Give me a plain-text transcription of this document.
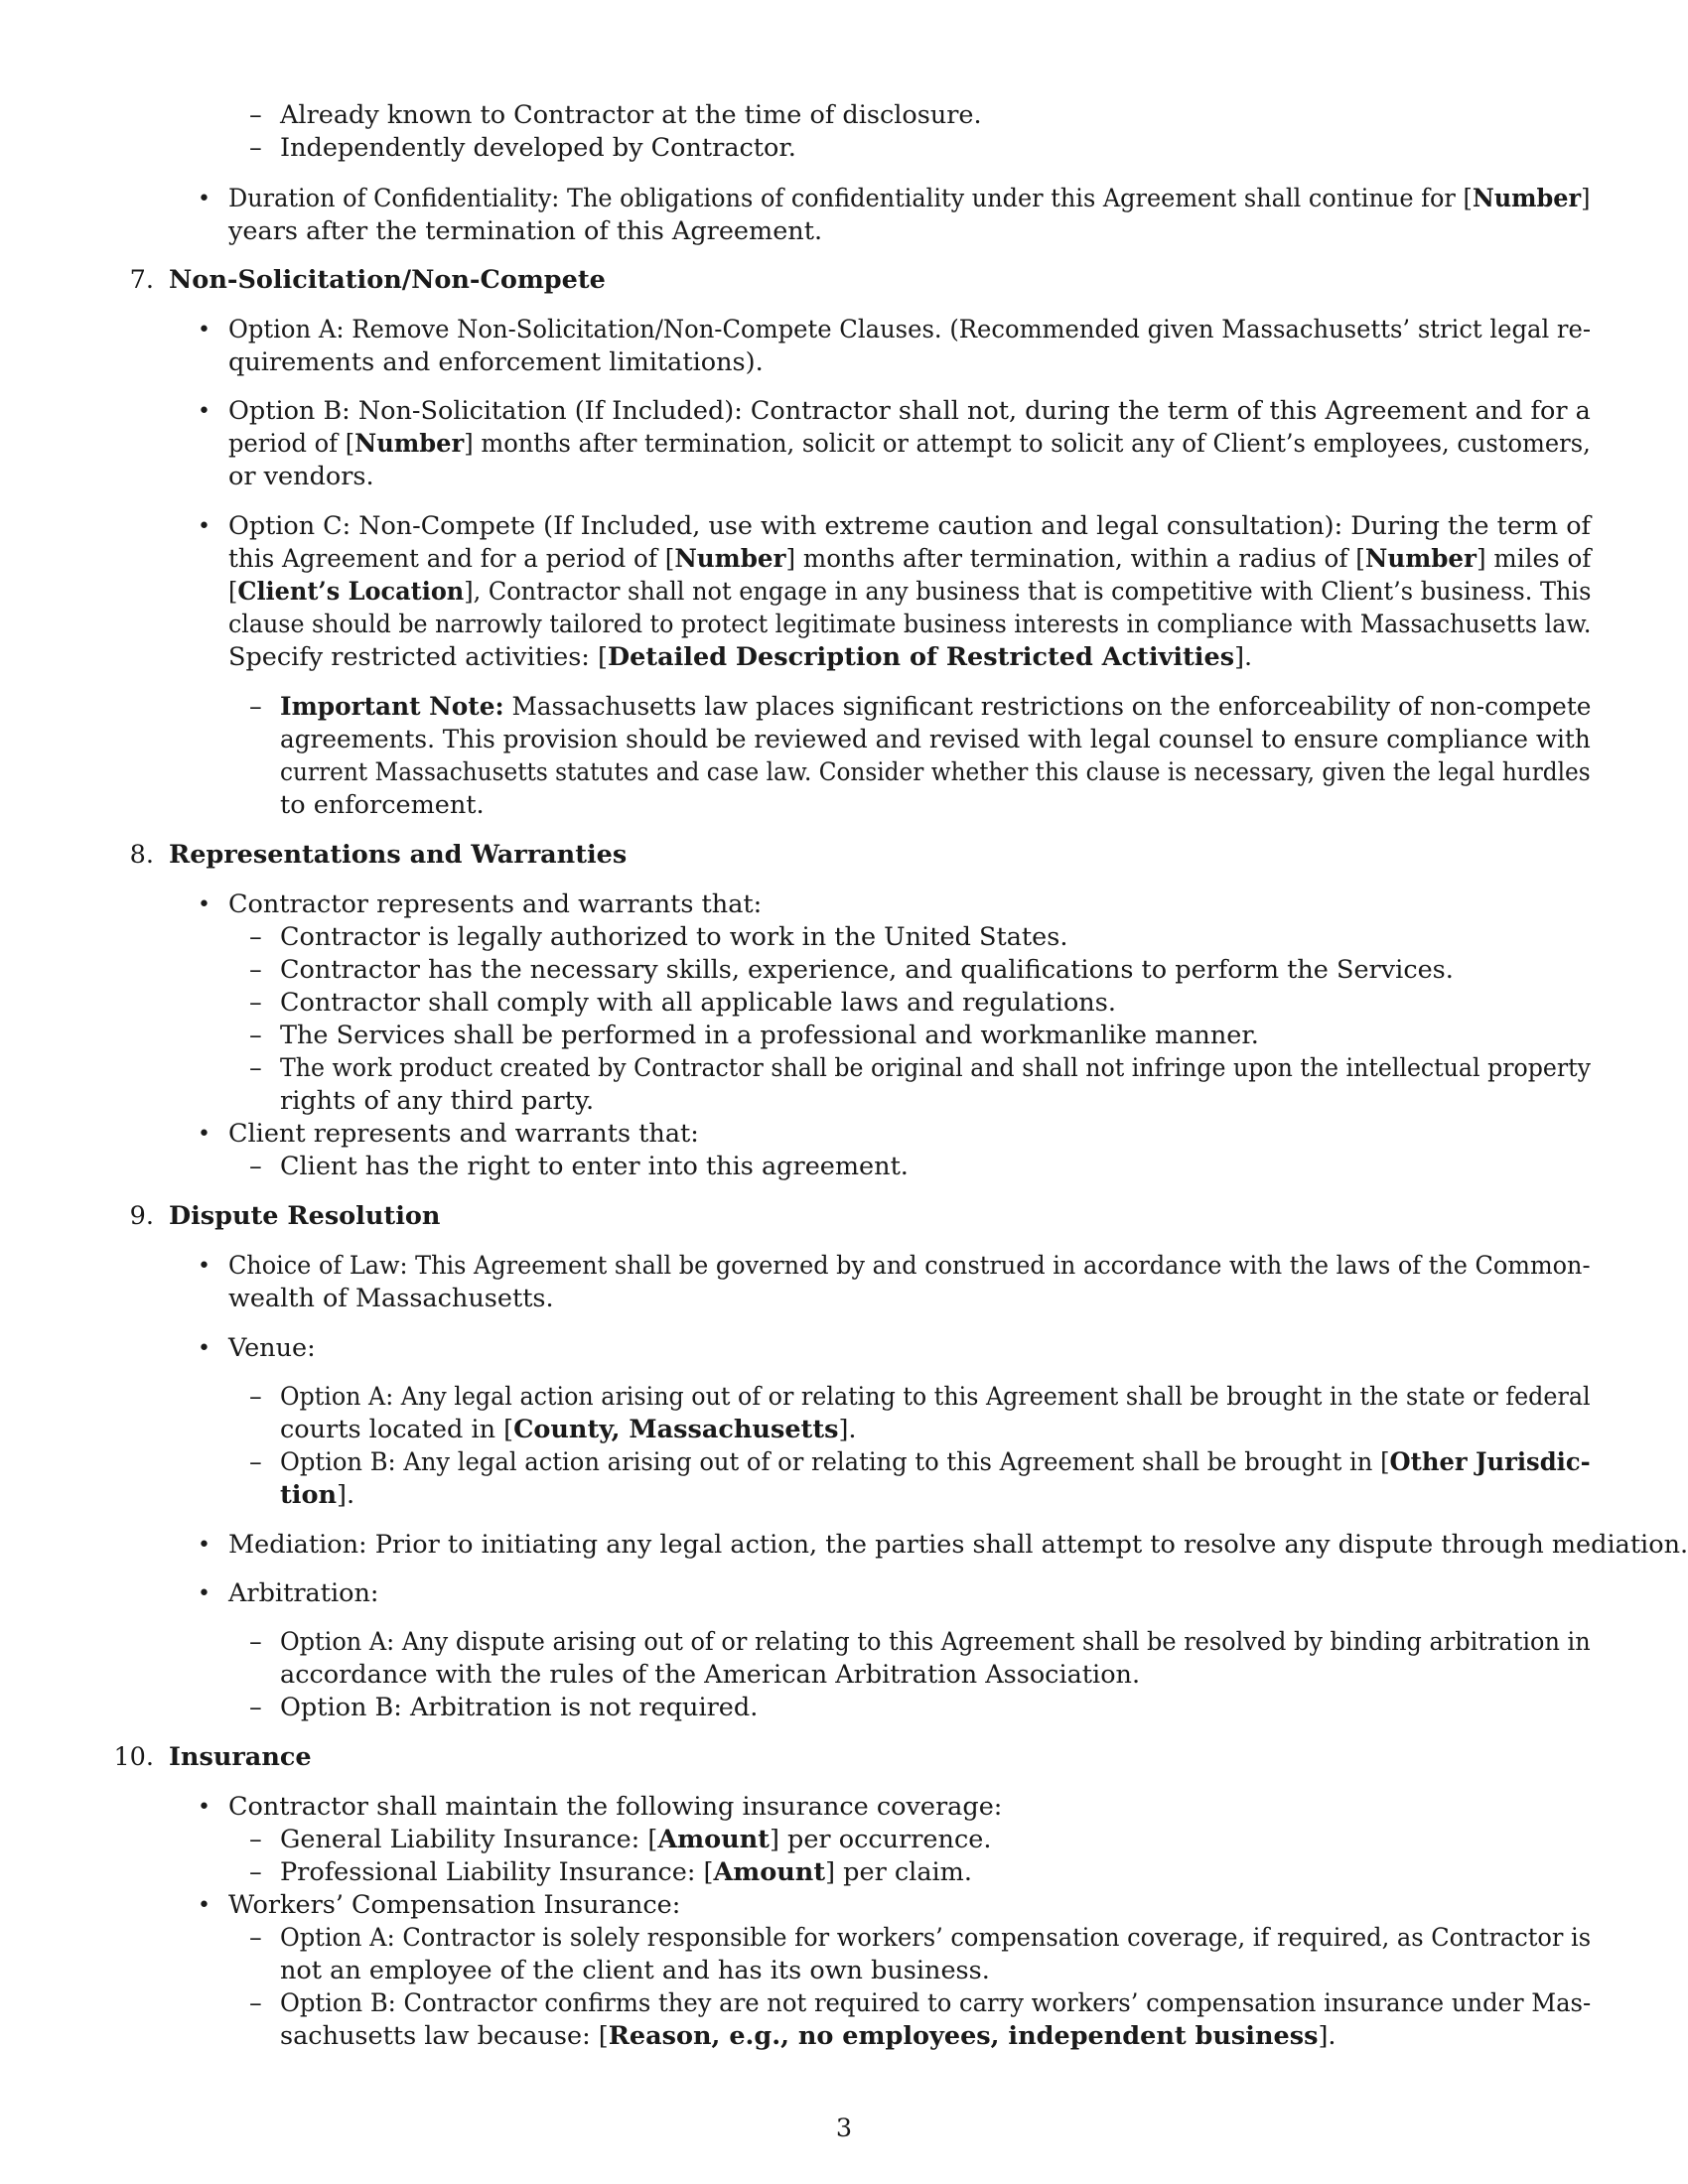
– Already known to Contractor at the time of disclosure.
– Independently developed by Contractor.
• Duration of Confidentiality: The obligations of confidentiality under this Agreement shall continue for [Number]
years after the termination of this Agreement.
7. Non-Solicitation/Non-Compete
• Option A: Remove Non-Solicitation/Non-Compete Clauses. (Recommended given Massachusetts’ strict legal re-
quirements and enforcement limitations).
• Option B: Non-Solicitation (If Included): Contractor shall not, during the term of this Agreement and for a
period of [Number] months after termination, solicit or attempt to solicit any of Client’s employees, customers,
or vendors.
• Option C: Non-Compete (If Included, use with extreme caution and legal consultation): During the term of
this Agreement and for a period of [Number] months after termination, within a radius of [Number] miles of
[Client’s Location], Contractor shall not engage in any business that is competitive with Client’s business. This
clause should be narrowly tailored to protect legitimate business interests in compliance with Massachusetts law.
Specify restricted activities: [Detailed Description of Restricted Activities].
– Important Note: Massachusetts law places significant restrictions on the enforceability of non-compete
agreements. This provision should be reviewed and revised with legal counsel to ensure compliance with
current Massachusetts statutes and case law. Consider whether this clause is necessary, given the legal hurdles
to enforcement.
8. Representations and Warranties
• Contractor represents and warrants that:
– Contractor is legally authorized to work in the United States.
– Contractor has the necessary skills, experience, and qualifications to perform the Services.
– Contractor shall comply with all applicable laws and regulations.
– The Services shall be performed in a professional and workmanlike manner.
– The work product created by Contractor shall be original and shall not infringe upon the intellectual property
rights of any third party.
• Client represents and warrants that:
– Client has the right to enter into this agreement.
9. Dispute Resolution
• Choice of Law: This Agreement shall be governed by and construed in accordance with the laws of the Common-
wealth of Massachusetts.
• Venue:
– Option A: Any legal action arising out of or relating to this Agreement shall be brought in the state or federal
courts located in [County, Massachusetts].
– Option B: Any legal action arising out of or relating to this Agreement shall be brought in [Other Jurisdic-
tion].
• Mediation: Prior to initiating any legal action, the parties shall attempt to resolve any dispute through mediation.
• Arbitration:
– Option A: Any dispute arising out of or relating to this Agreement shall be resolved by binding arbitration in
accordance with the rules of the American Arbitration Association.
– Option B: Arbitration is not required.
10. Insurance
• Contractor shall maintain the following insurance coverage:
– General Liability Insurance: [Amount] per occurrence.
– Professional Liability Insurance: [Amount] per claim.
• Workers’ Compensation Insurance:
– Option A: Contractor is solely responsible for workers’ compensation coverage, if required, as Contractor is
not an employee of the client and has its own business.
– Option B: Contractor confirms they are not required to carry workers’ compensation insurance under Mas-
sachusetts law because: [Reason, e.g., no employees, independent business].
3
